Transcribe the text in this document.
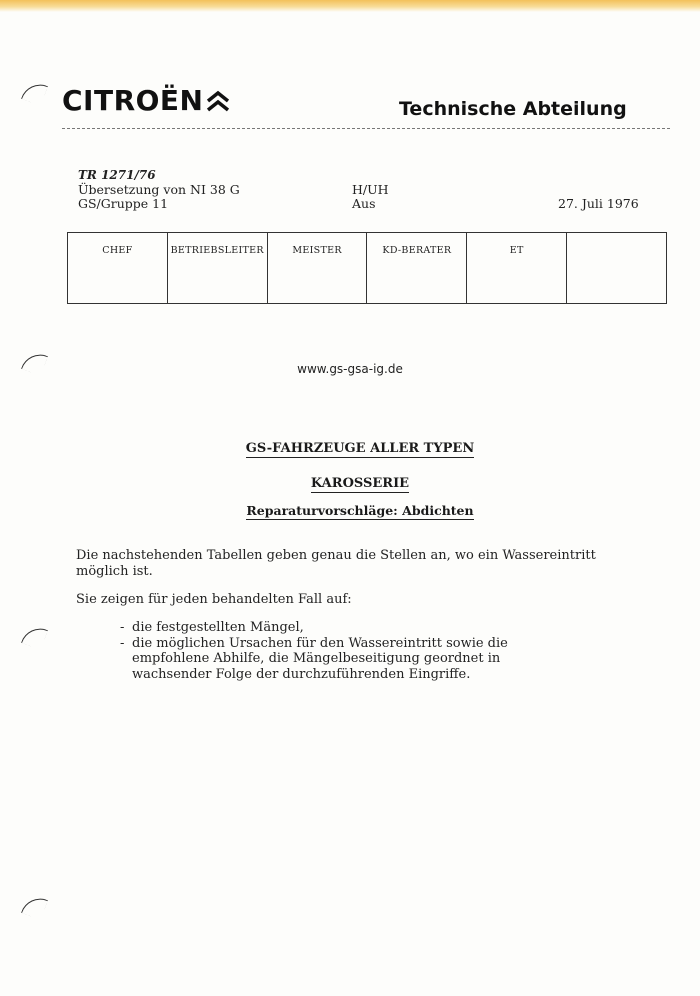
CITROËN	Technische Abteilung
TR 1271/76
Übersetzung von NI 38 G
GS/Gruppe 11
H/UH
Aus	27. Juli 1976
CHEF	BETRIEBSLEITER	MEISTER	KD-BERATER	ET	
www.gs-gsa-ig.de
GS-FAHRZEUGE ALLER TYPEN
KAROSSERIE
Reparaturvorschläge: Abdichten
Die nachstehenden Tabellen geben genau die Stellen an, wo ein Wassereintritt
möglich ist.
Sie zeigen für jeden behandelten Fall auf:
- die festgestellten Mängel,
- die möglichen Ursachen für den Wassereintritt sowie die
empfohlene Abhilfe, die Mängelbeseitigung geordnet in
wachsender Folge der durchzuführenden Eingriffe.
